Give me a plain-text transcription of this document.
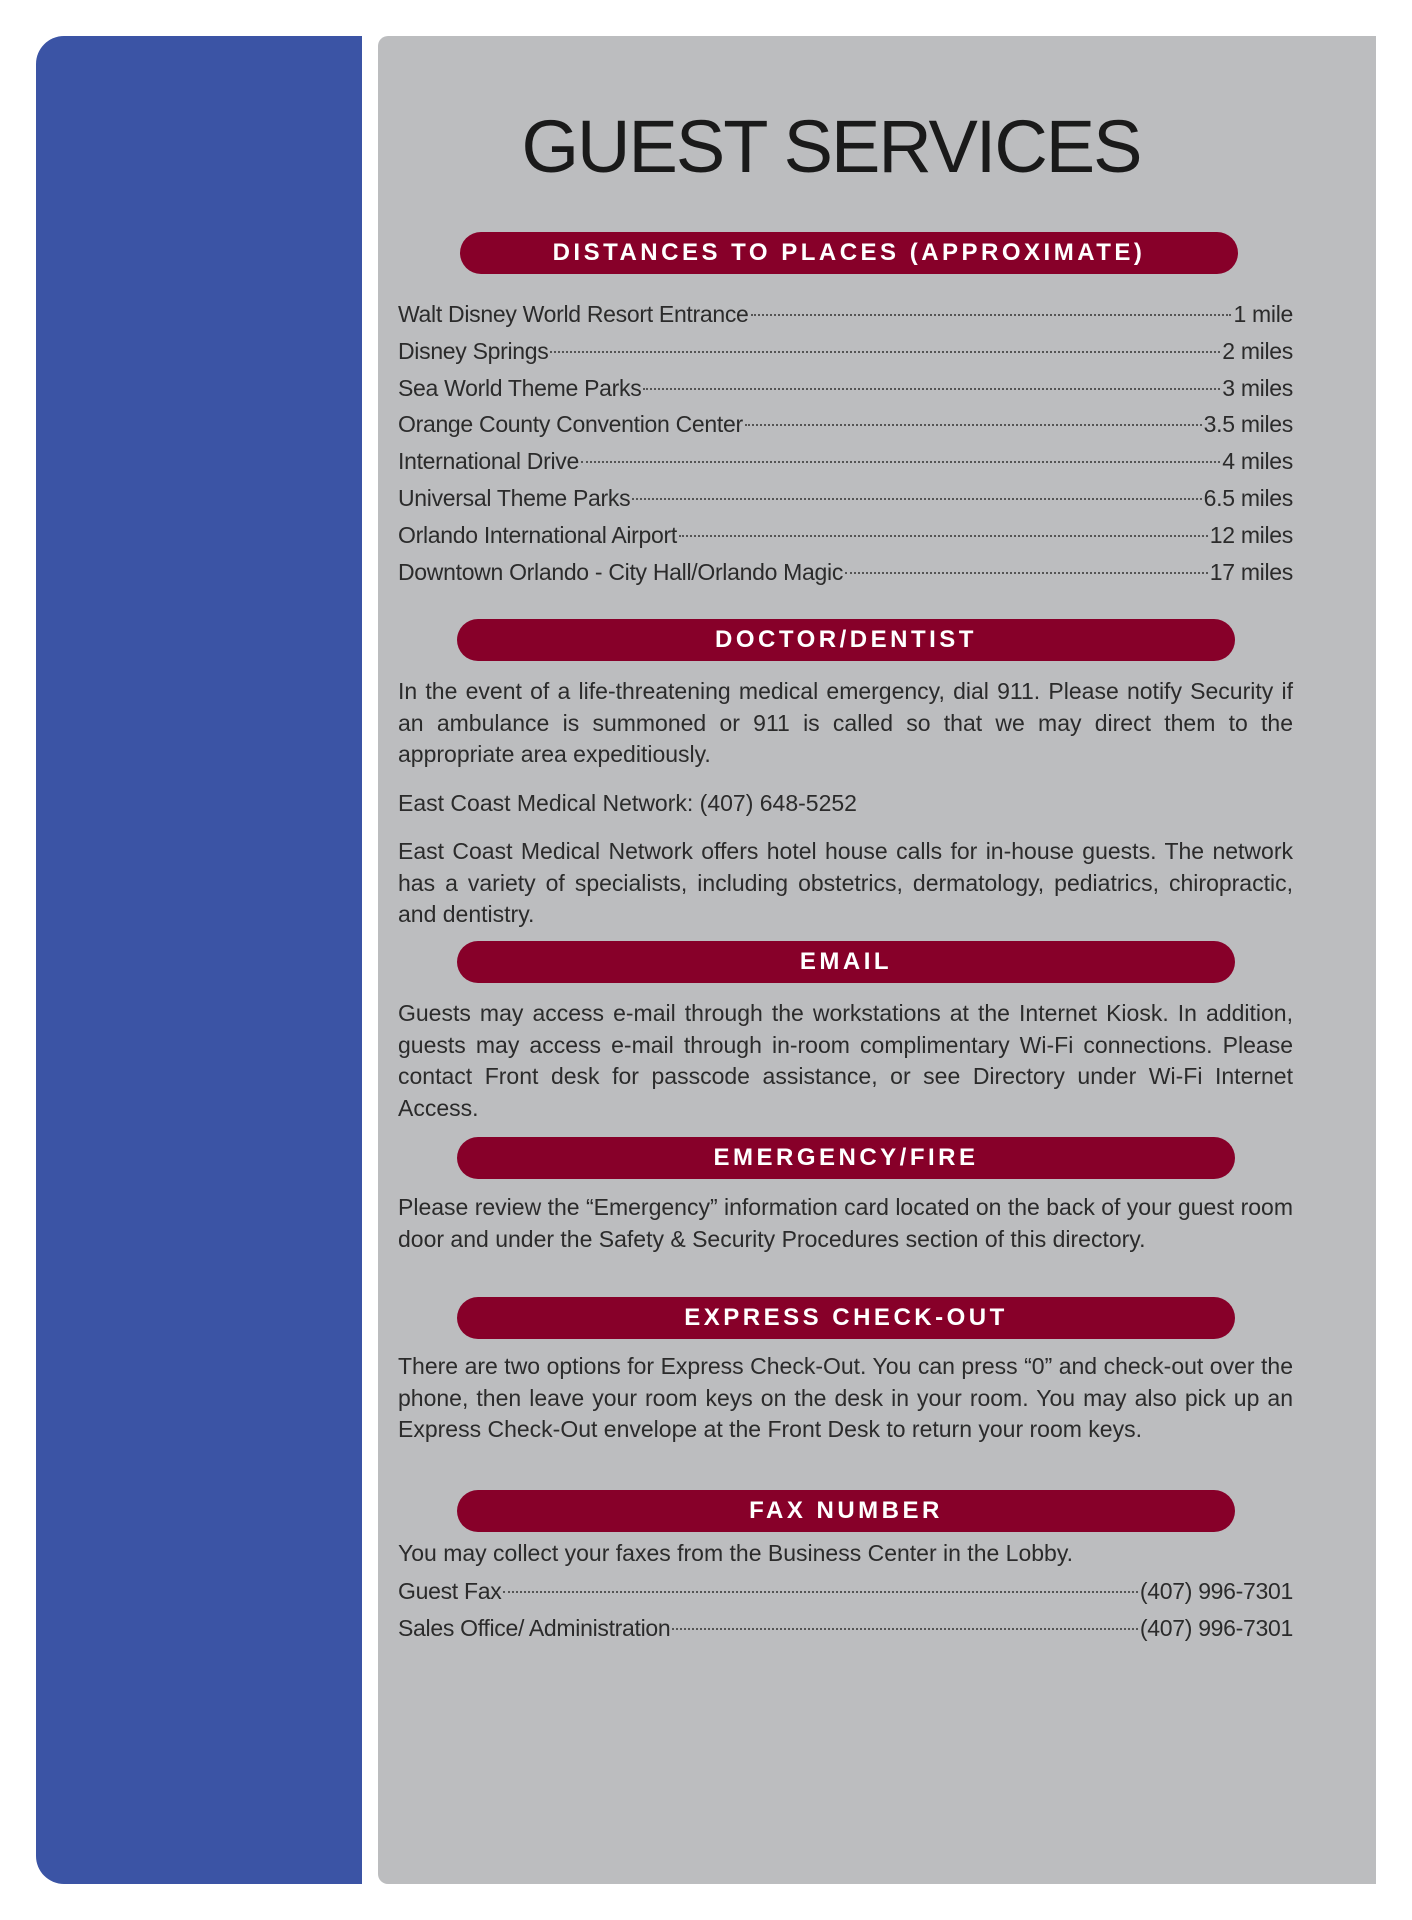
GUEST SERVICES
DISTANCES TO PLACES (APPROXIMATE)
Walt Disney World Resort Entrance	1 mile
Disney Springs	2 miles
Sea World Theme Parks	3 miles
Orange County Convention Center	3.5 miles
International Drive	4 miles
Universal Theme Parks	6.5 miles
Orlando International Airport	12 miles
Downtown Orlando - City Hall/Orlando Magic	17 miles
DOCTOR/DENTIST

In the event of a life-threatening medical emergency, dial 911. Please notify Security if an ambulance is summoned or 911 is called so that we may direct them to the appropriate area expeditiously.

East Coast Medical Network: (407) 648-5252

East Coast Medical Network offers hotel house calls for in-house guests. The network has a variety of specialists, including obstetrics, dermatology, pediatrics, chiropractic, and dentistry.

EMAIL

Guests may access e-mail through the workstations at the Internet Kiosk. In addition, guests may access e-mail through in-room complimentary Wi-Fi connections. Please contact Front desk for passcode assistance, or see Directory under Wi-Fi Internet Access.

EMERGENCY/FIRE

Please review the “Emergency” information card located on the back of your guest room door and under the Safety & Security Procedures section of this directory.

EXPRESS CHECK-OUT

There are two options for Express Check-Out. You can press “0” and check-out over the phone, then leave your room keys on the desk in your room. You may also pick up an Express Check-Out envelope at the Front Desk to return your room keys.

FAX NUMBER

You may collect your faxes from the Business Center in the Lobby.

Guest Fax	(407) 996-7301
Sales Office/ Administration	(407) 996-7301
